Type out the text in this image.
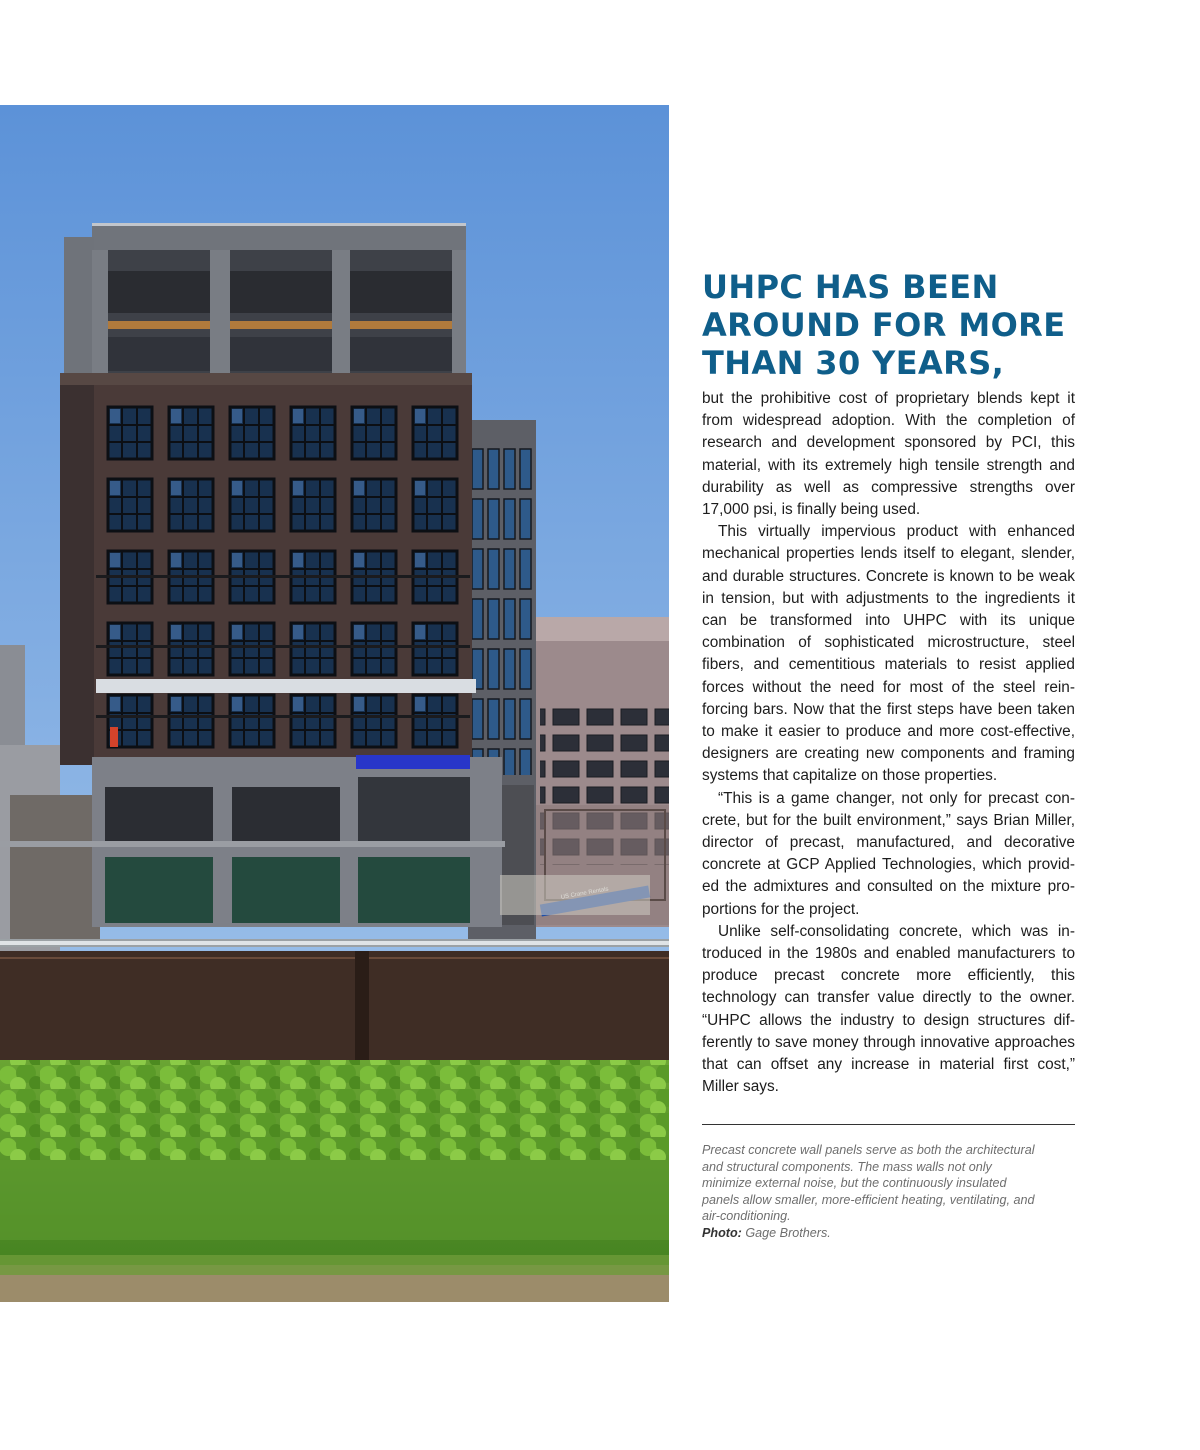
UHPC HAS BEEN
AROUND FOR MORE
THAN 30 YEARS,

but the prohibitive cost of proprietary blends kept it from widespread adoption. With the completion of research and development sponsored by PCI, this material, with its extremely high tensile strength and durability as well as compressive strengths over 17,000 psi, is finally being used.

This virtually impervious product with enhanced mechanical properties lends itself to elegant, slender, and durable structures. Concrete is known to be weak in tension, but with adjustments to the ingredients it can be transformed into UHPC with its unique combination of sophisticated microstructure, steel fibers, and cementitious materials to resist applied forces without the need for most of the steel reinforcing bars. Now that the first steps have been taken to make it easier to produce and more cost-effective, designers are creating new components and framing systems that capitalize on those properties.

“This is a game changer, not only for precast concrete, but for the built environment,” says Brian Miller, director of precast, manufactured, and decorative concrete at GCP Applied Technologies, which provided the admixtures and consulted on the mixture proportions for the project.

Unlike self-consolidating concrete, which was introduced in the 1980s and enabled manufacturers to produce precast concrete more efficiently, this technology can transfer value directly to the owner. “UHPC allows the industry to design structures differently to save money through innovative approaches that can offset any increase in material first cost,” Miller says.

Precast concrete wall panels serve as both the architectural and structural components. The mass walls not only minimize external noise, but the continuously insulated panels allow smaller, more-efficient heating, ventilating, and air-conditioning.
Photo: Gage Brothers.
